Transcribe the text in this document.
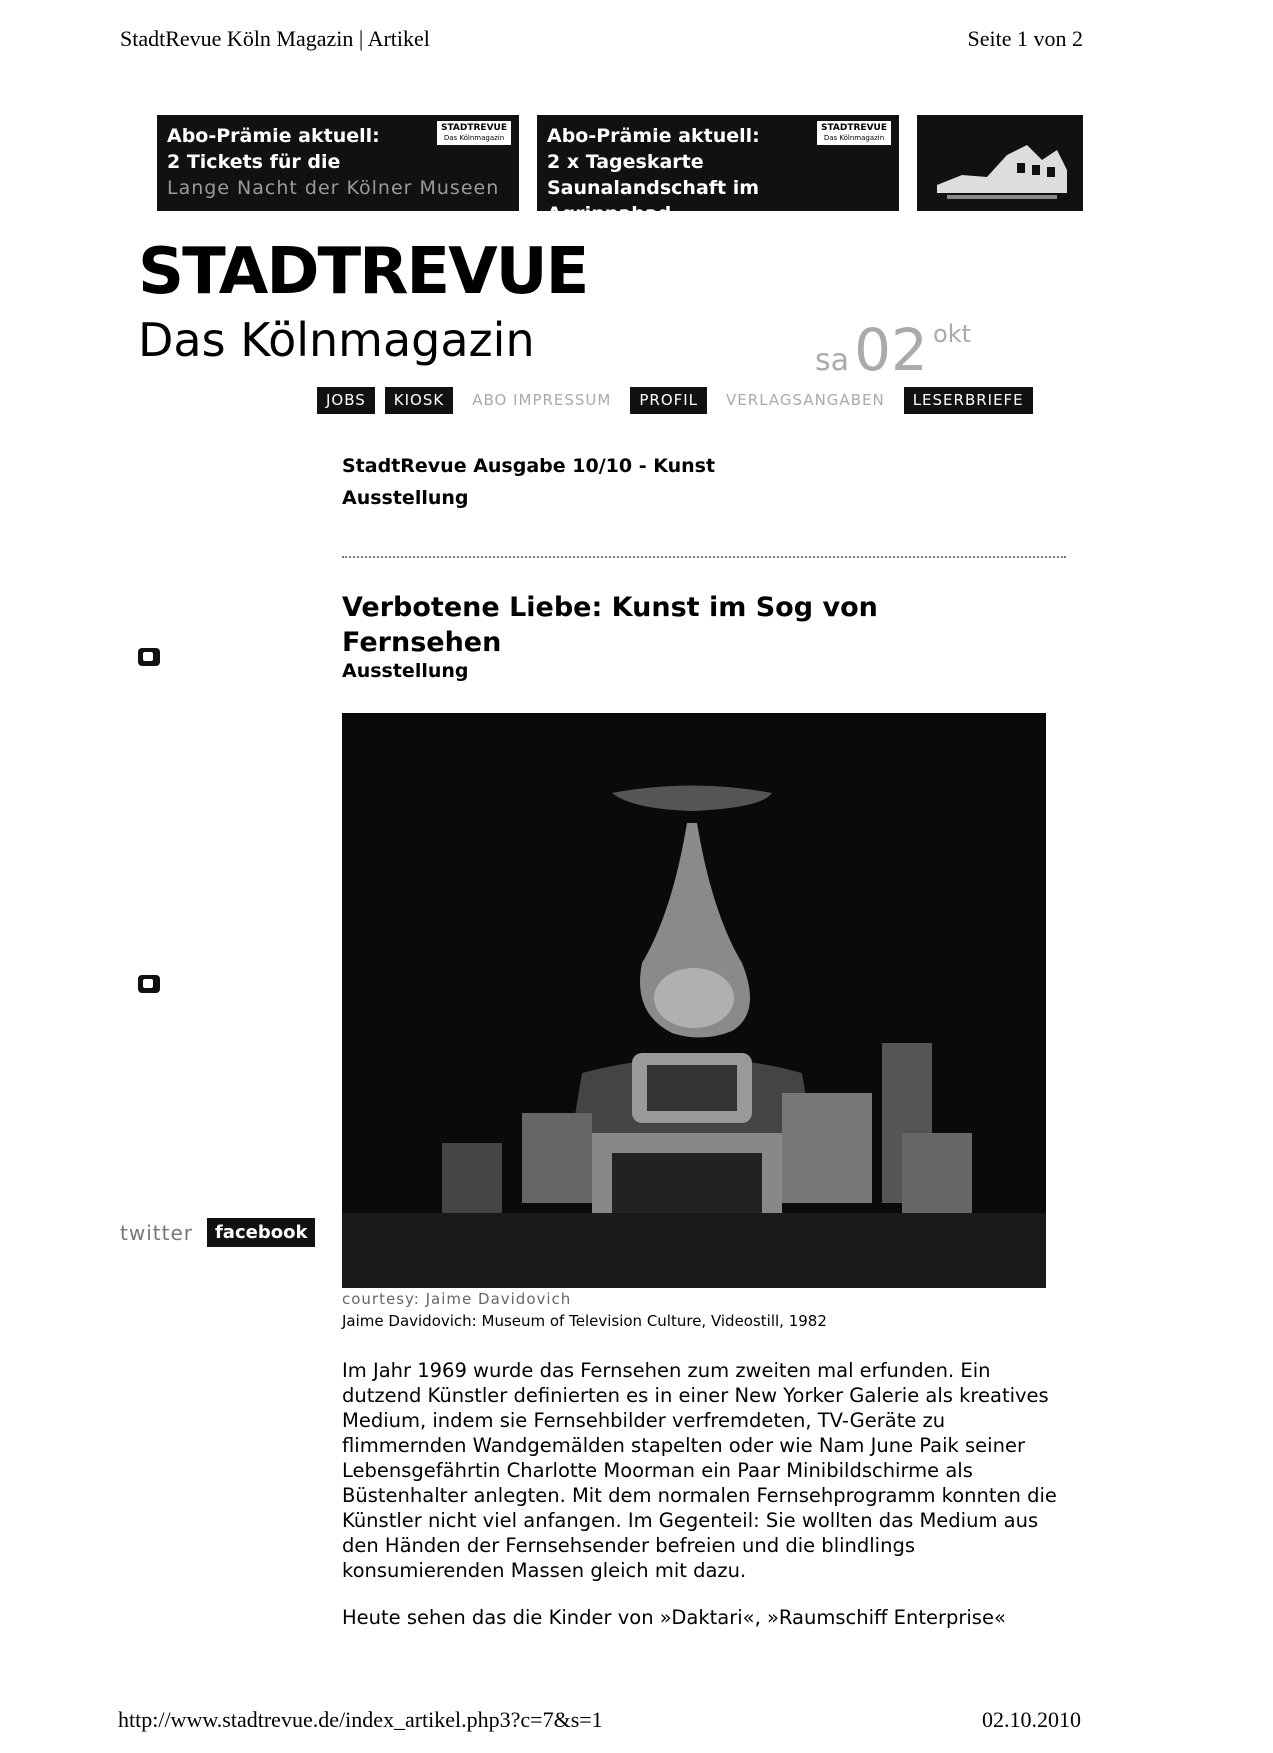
StadtRevue Köln Magazin | Artikel	Seite 1 von 2
Abo-Prämie aktuell:
2 Tickets für die
Lange Nacht der Kölner Museen
STADTREVUE
Das Kölnmagazin Abo-Prämie aktuell:
2 x Tageskarte
Saunalandschaft im Agrippabad
STADTREVUE
Das Kölnmagazin
STADTREVUE
Das Kölnmagazin	sa 02 okt
JOBS	KIOSK	ABO IMPRESSUM	PROFIL	VERLAGSANGABEN	LESERBRIEFE
StadtRevue Ausgabe 10/10 - Kunst
Ausstellung
Verbotene Liebe: Kunst im Sog von Fernsehen
Ausstellung
twitter	facebook
courtesy: Jaime Davidovich
Jaime Davidovich: Museum of Television Culture, Videostill, 1982

Im Jahr 1969 wurde das Fernsehen zum zweiten mal erfunden. Ein dutzend Künstler definierten es in einer New Yorker Galerie als kreatives Medium, indem sie Fernsehbilder verfremdeten, TV-Geräte zu flimmernden Wandgemälden stapelten oder wie Nam June Paik seiner Lebensgefährtin Charlotte Moorman ein Paar Minibildschirme als Büstenhalter anlegten. Mit dem normalen Fernsehprogramm konnten die Künstler nicht viel anfangen. Im Gegenteil: Sie wollten das Medium aus den Händen der Fernsehsender befreien und die blindlings konsumierenden Massen gleich mit dazu.

Heute sehen das die Kinder von »Daktari«, »Raumschiff Enterprise«

http://www.stadtrevue.de/index_artikel.php3?c=7&s=1	02.10.2010
